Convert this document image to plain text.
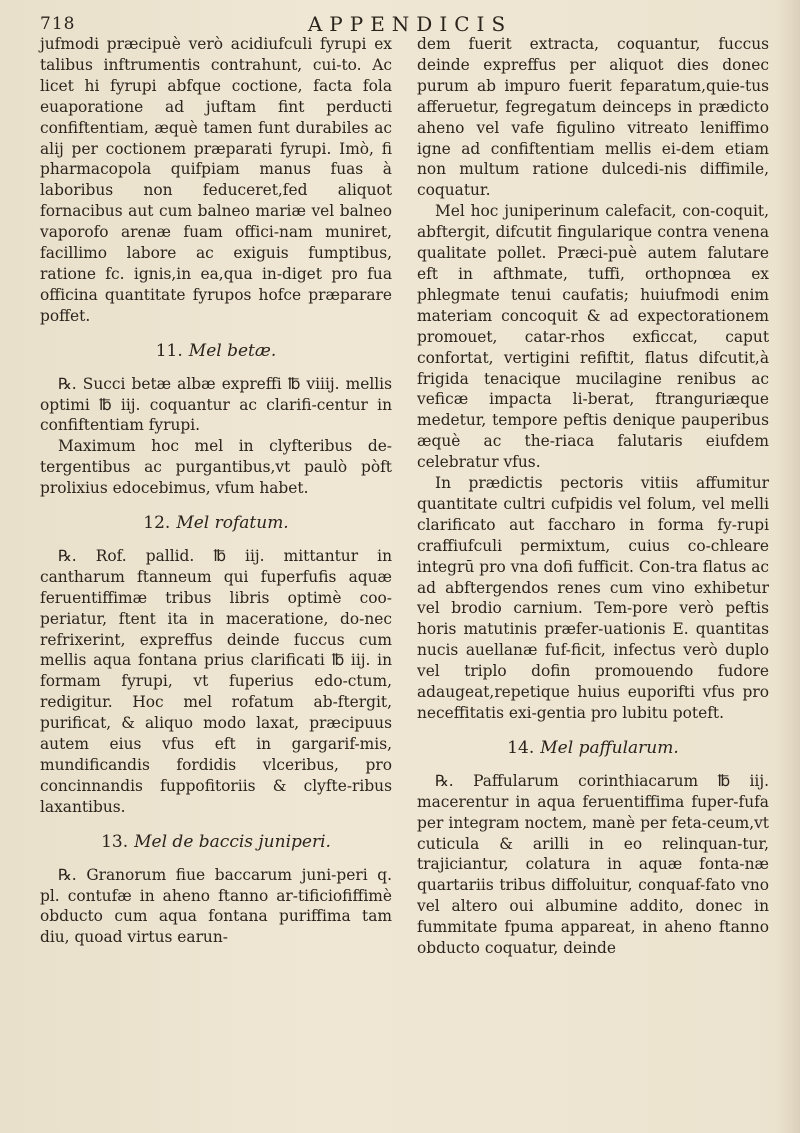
718	APPENDICIS

jufmodi præcipuè verò acidiufculi fyrupi ex talibus inftrumentis contrahunt, cui-to. Ac licet hi fyrupi abfque coctione, facta fola euaporatione ad juftam fint perducti confiftentiam, æquè tamen funt durabiles ac alij per coctionem præparati fyrupi. Imò, fi pharmacopola quifpiam manus fuas à laboribus non feduceret,fed aliquot fornacibus aut cum balneo mariæ vel balneo vaporofo arenæ fuam offici-nam muniret, facillimo labore ac exiguis fumptibus, ratione fc. ignis,in ea,qua in-diget pro fua officina quantitate fyrupos hofce præparare poffet.

11. Mel betæ.

℞. Succi betæ albæ expreffi ℔ viiij. mellis optimi ℔ iij. coquantur ac clarifi-centur in confiftentiam fyrupi.

Maximum hoc mel in clyfteribus de-tergentibus ac purgantibus,vt paulò pòft prolixius edocebimus, vfum habet.

12. Mel rofatum.

℞. Rof. pallid. ℔ iij. mittantur in cantharum ftanneum qui fuperfufis aquæ feruentiffimæ tribus libris optimè coo-periatur, ftent ita in maceratione, do-nec refrixerint, expreffus deinde fuccus cum mellis aqua fontana prius clarificati ℔ iij. in formam fyrupi, vt fuperius edo-ctum, redigitur. Hoc mel rofatum ab-ftergit, purificat, & aliquo modo laxat, præcipuus autem eius vfus eft in gargarif-mis, mundificandis fordidis vlceribus, pro concinnandis fuppofitoriis & clyfte-ribus laxantibus.

13. Mel de baccis juniperi.

℞. Granorum fiue baccarum juni-peri q. pl. contufæ in aheno ftanno ar-tificiofiffimè obducto cum aqua fontana puriffima tam diu, quoad virtus earun-

dem fuerit extracta, coquantur, fuccus deinde expreffus per aliquot dies donec purum ab impuro fuerit feparatum,quie-tus afferuetur, fegregatum deinceps in prædicto aheno vel vafe figulino vitreato leniffimo igne ad confiftentiam mellis ei-dem etiam non multum ratione dulcedi-nis diffimile, coquatur.

Mel hoc juniperinum calefacit, con-coquit, abftergit, difcutit fingularique contra venena qualitate pollet. Præci-puè autem falutare eft in afthmate, tuffi, orthopnœa ex phlegmate tenui caufatis; huiufmodi enim materiam concoquit & ad expectorationem promouet, catar-rhos exficcat, caput confortat, vertigini refiftit, flatus difcutit,à frigida tenacique mucilagine renibus ac veficæ impacta li-berat, ftranguriæque medetur, tempore peftis denique pauperibus æquè ac the-riaca falutaris eiufdem celebratur vfus.

In prædictis pectoris vitiis affumitur quantitate cultri cufpidis vel folum, vel melli clarificato aut faccharo in forma fy-rupi craffiufculi permixtum, cuius co-chleare integrū pro vna dofi fufficit. Con-tra flatus ac ad abftergendos renes cum vino exhibetur vel brodio carnium. Tem-pore verò peftis horis matutinis præfer-uationis E. quantitas nucis auellanæ fuf-ficit, infectus verò duplo vel triplo dofin promouendo fudore adaugeat,repetique huius euporifti vfus pro neceffitatis exi-gentia pro lubitu poteft.

14. Mel paffularum.

℞. Paffularum corinthiacarum ℔ iij. macerentur in aqua feruentiffima fuper-fufa per integram noctem, manè per feta-ceum,vt cuticula & arilli in eo relinquan-tur, trajiciantur, colatura in aquæ fonta-næ quartariis tribus diffoluitur, conquaf-fato vno vel altero oui albumine addito, donec in fummitate fpuma appareat, in aheno ftanno obducto coquatur, deinde
